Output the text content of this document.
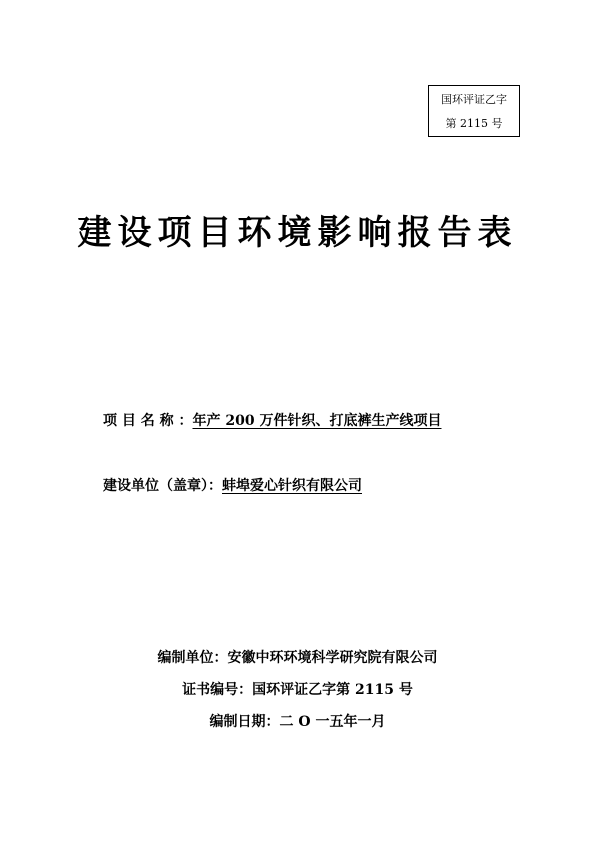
国环评证乙字
第 2115 号
建设项目环境影响报告表
项 目 名 称 ：年产 200 万件针织、打底裤生产线项目
建设单位（盖章）：蚌埠爱心针织有限公司
编制单位：安徽中环环境科学研究院有限公司
证书编号：国环评证乙字第 2115 号
编制日期：二 O 一五年一月
